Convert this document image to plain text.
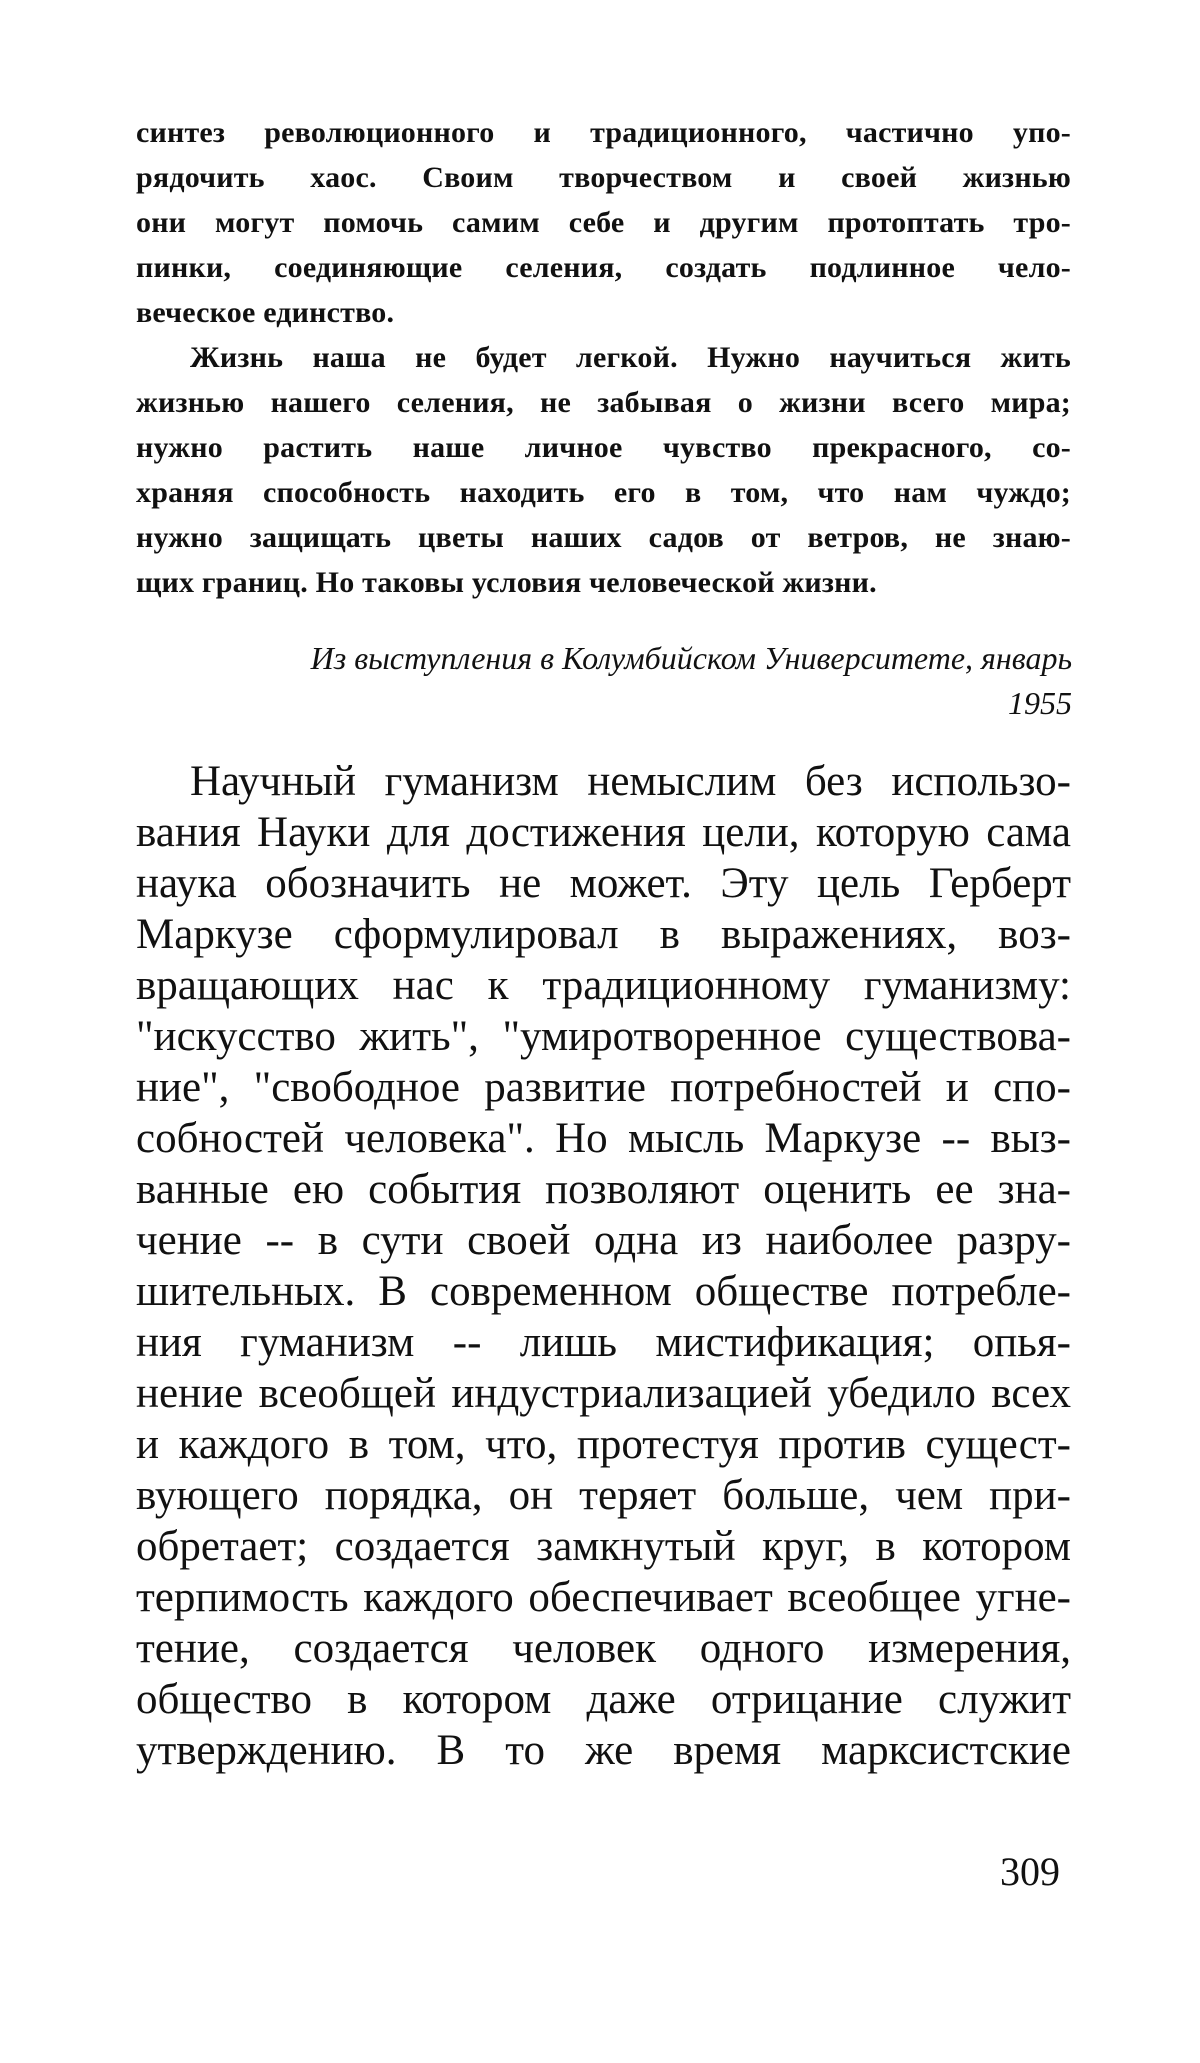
синтез революционного и традиционного, частично упо-
рядочить хаос. Своим творчеством и своей жизнью
они могут помочь самим себе и другим протоптать тро-
пинки, соединяющие селения, создать подлинное чело-
веческое единство.
Жизнь наша не будет легкой. Нужно научиться жить
жизнью нашего селения, не забывая о жизни всего мира;
нужно растить наше личное чувство прекрасного, со-
храняя способность находить его в том, что нам чуждо;
нужно защищать цветы наших садов от ветров, не знаю-
щих границ. Но таковы условия человеческой жизни.
Из выступления в Колумбийском Университете, январь
1955
Научный гуманизм немыслим без использо-
вания Науки для достижения цели, которую сама
наука обозначить не может. Эту цель Герберт
Маркузе сформулировал в выражениях, воз-
вращающих нас к традиционному гуманизму:
"искусство жить", "умиротворенное существова-
ние", "свободное развитие потребностей и спо-
собностей человека". Но мысль Маркузе -- выз-
ванные ею события позволяют оценить ее зна-
чение -- в сути своей одна из наиболее разру-
шительных. В современном обществе потребле-
ния гуманизм -- лишь мистификация; опья-
нение всеобщей индустриализацией убедило всех
и каждого в том, что, протестуя против сущест-
вующего порядка, он теряет больше, чем при-
обретает; создается замкнутый круг, в котором
терпимость каждого обеспечивает всеобщее угне-
тение, создается человек одного измерения,
общество в котором даже отрицание служит
утверждению. В то же время марксистские
309
